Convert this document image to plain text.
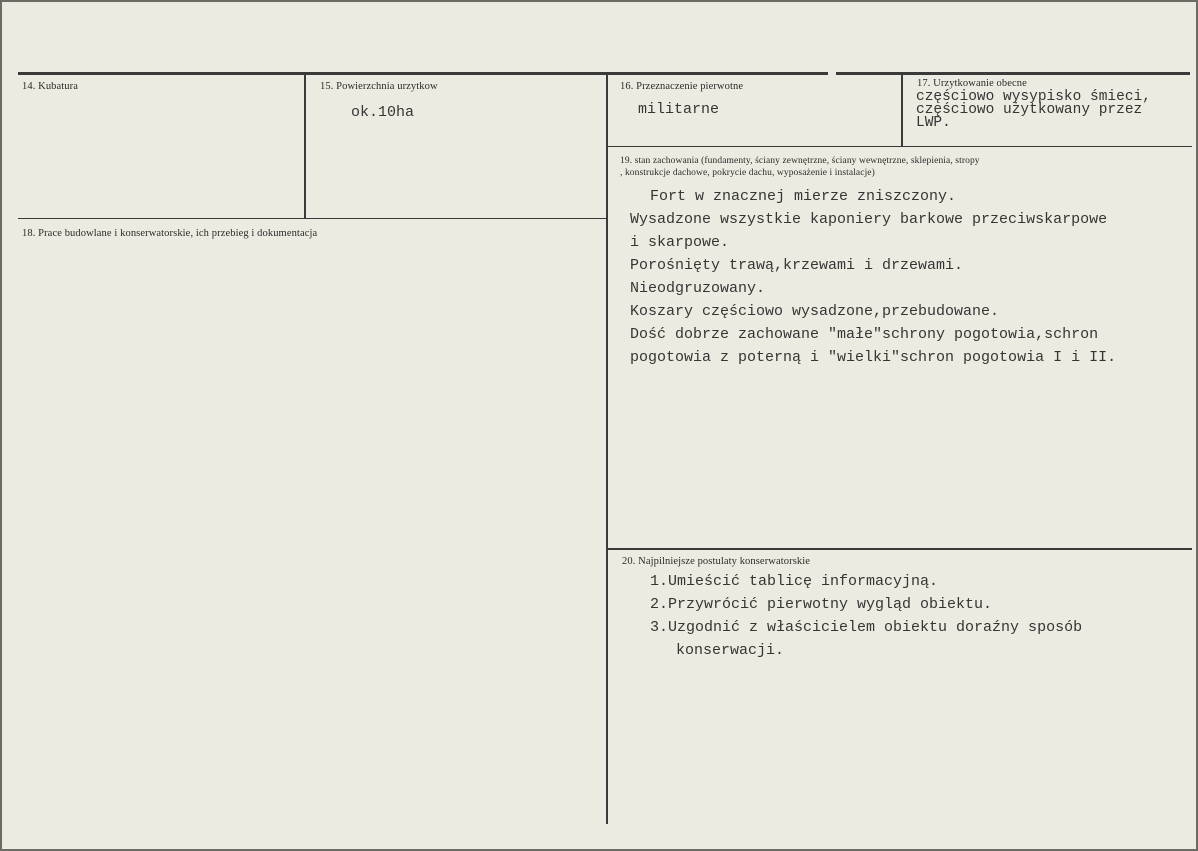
14. Kubatura	15. Powierzchnia urzytkow
ok.10ha
16. Przeznaczenie pierwotne
militarne
17. Urzytkowanie obecne
częściowo wysypisko śmieci,
częściowo użytkowany przez
LWP.
18. Prace budowlane i konserwatorskie, ich przebieg i dokumentacja
19. stan zachowania (fundamenty, ściany zewnętrzne, ściany wewnętrzne, sklepienia, stropy
, konstrukcje dachowe, pokrycie dachu, wyposażenie i instalacje)
Fort w znacznej mierze zniszczony.
Wysadzone wszystkie kaponiery barkowe przeciwskarpowe
i skarpowe.
Porośnięty trawą,krzewami i drzewami.
Nieodgruzowany.
Koszary częściowo wysadzone,przebudowane.
Dość dobrze zachowane "małe"schrony pogotowia,schron
pogotowia z poterną i "wielki"schron pogotowia I i II.
20. Najpilniejsze postulaty konserwatorskie
1.Umieścić tablicę informacyjną.
2.Przywrócić pierwotny wygląd obiektu.
3.Uzgodnić z właścicielem obiektu doraźny sposób
konserwacji.
